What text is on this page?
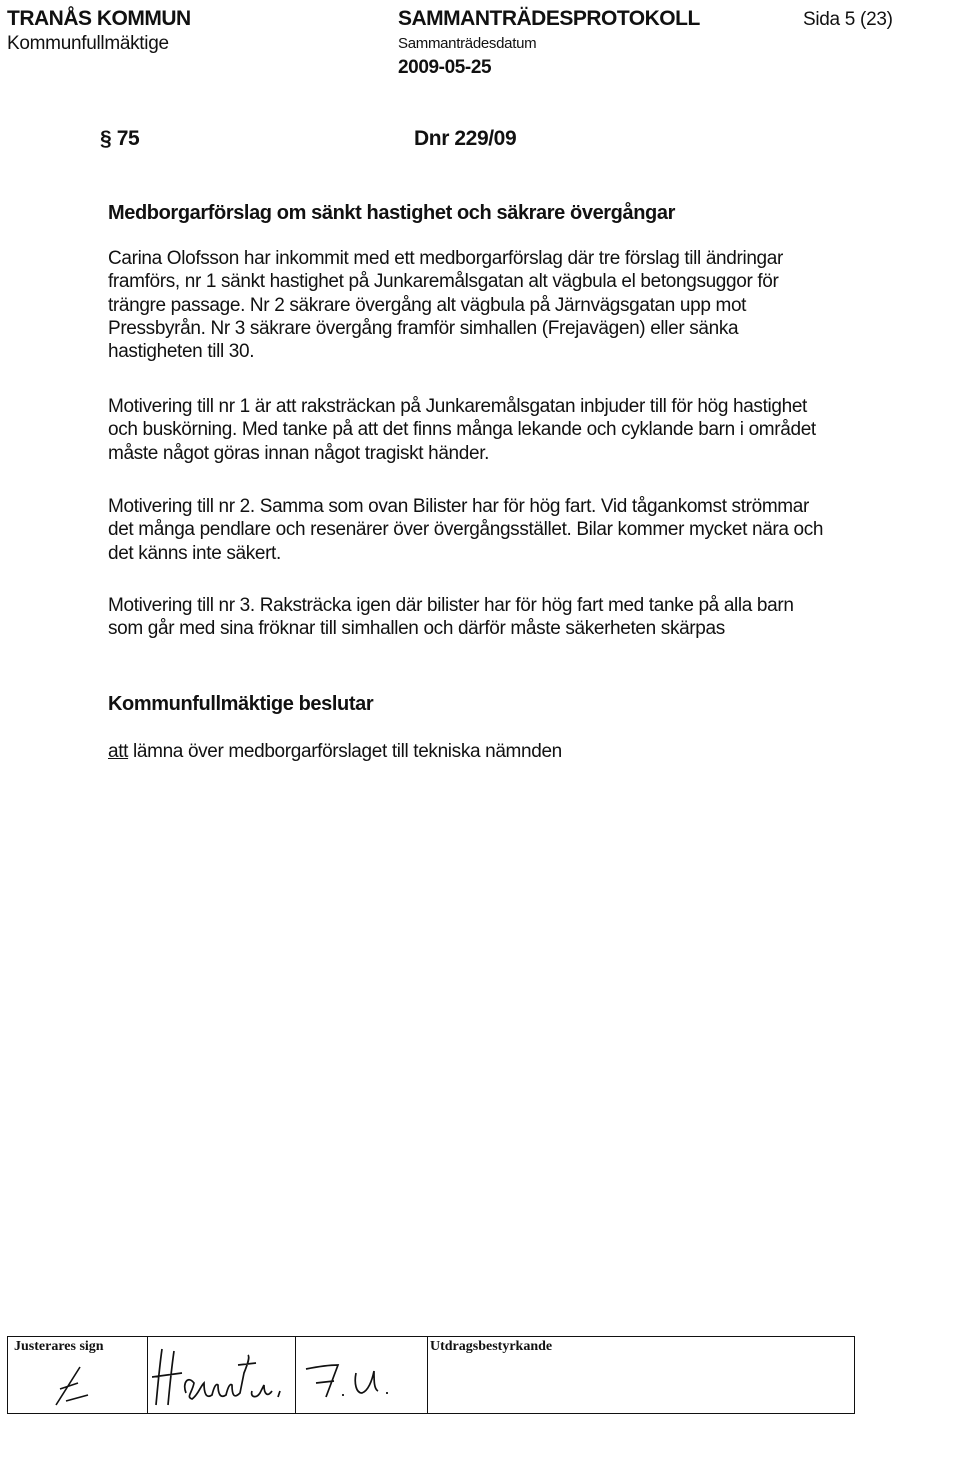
TRANÅS KOMMUN
Kommunfullmäktige
SAMMANTRÄDESPROTOKOLL
Sammanträdesdatum
2009-05-25
Sida 5 (23)
§ 75	Dnr 229/09
Medborgarförslag om sänkt hastighet och säkrare övergångar

Carina Olofsson har inkommit med ett medborgarförslag där tre förslag till ändringar framförs, nr 1 sänkt hastighet på Junkaremålsgatan alt vägbula el betongsuggor för trängre passage. Nr 2 säkrare övergång alt vägbula på Järnvägsgatan upp mot Pressbyrån. Nr 3 säkrare övergång framför simhallen (Frejavägen) eller sänka hastigheten till 30.

Motivering till nr 1 är att raksträckan på Junkaremålsgatan inbjuder till för hög hastighet och buskörning. Med tanke på att det finns många lekande och cyklande barn i området måste något göras innan något tragiskt händer.

Motivering till nr 2. Samma som ovan Bilister har för hög fart. Vid tågankomst strömmar det många pendlare och resenärer över övergångsstället. Bilar kommer mycket nära och det känns inte säkert.

Motivering till nr 3. Raksträcka igen där bilister har för hög fart med tanke på alla barn som går med sina fröknar till simhallen och därför måste säkerheten skärpas

Kommunfullmäktige beslutar
att lämna över medborgarförslaget till tekniska nämnden
Justerares sign	Utdragsbestyrkande
